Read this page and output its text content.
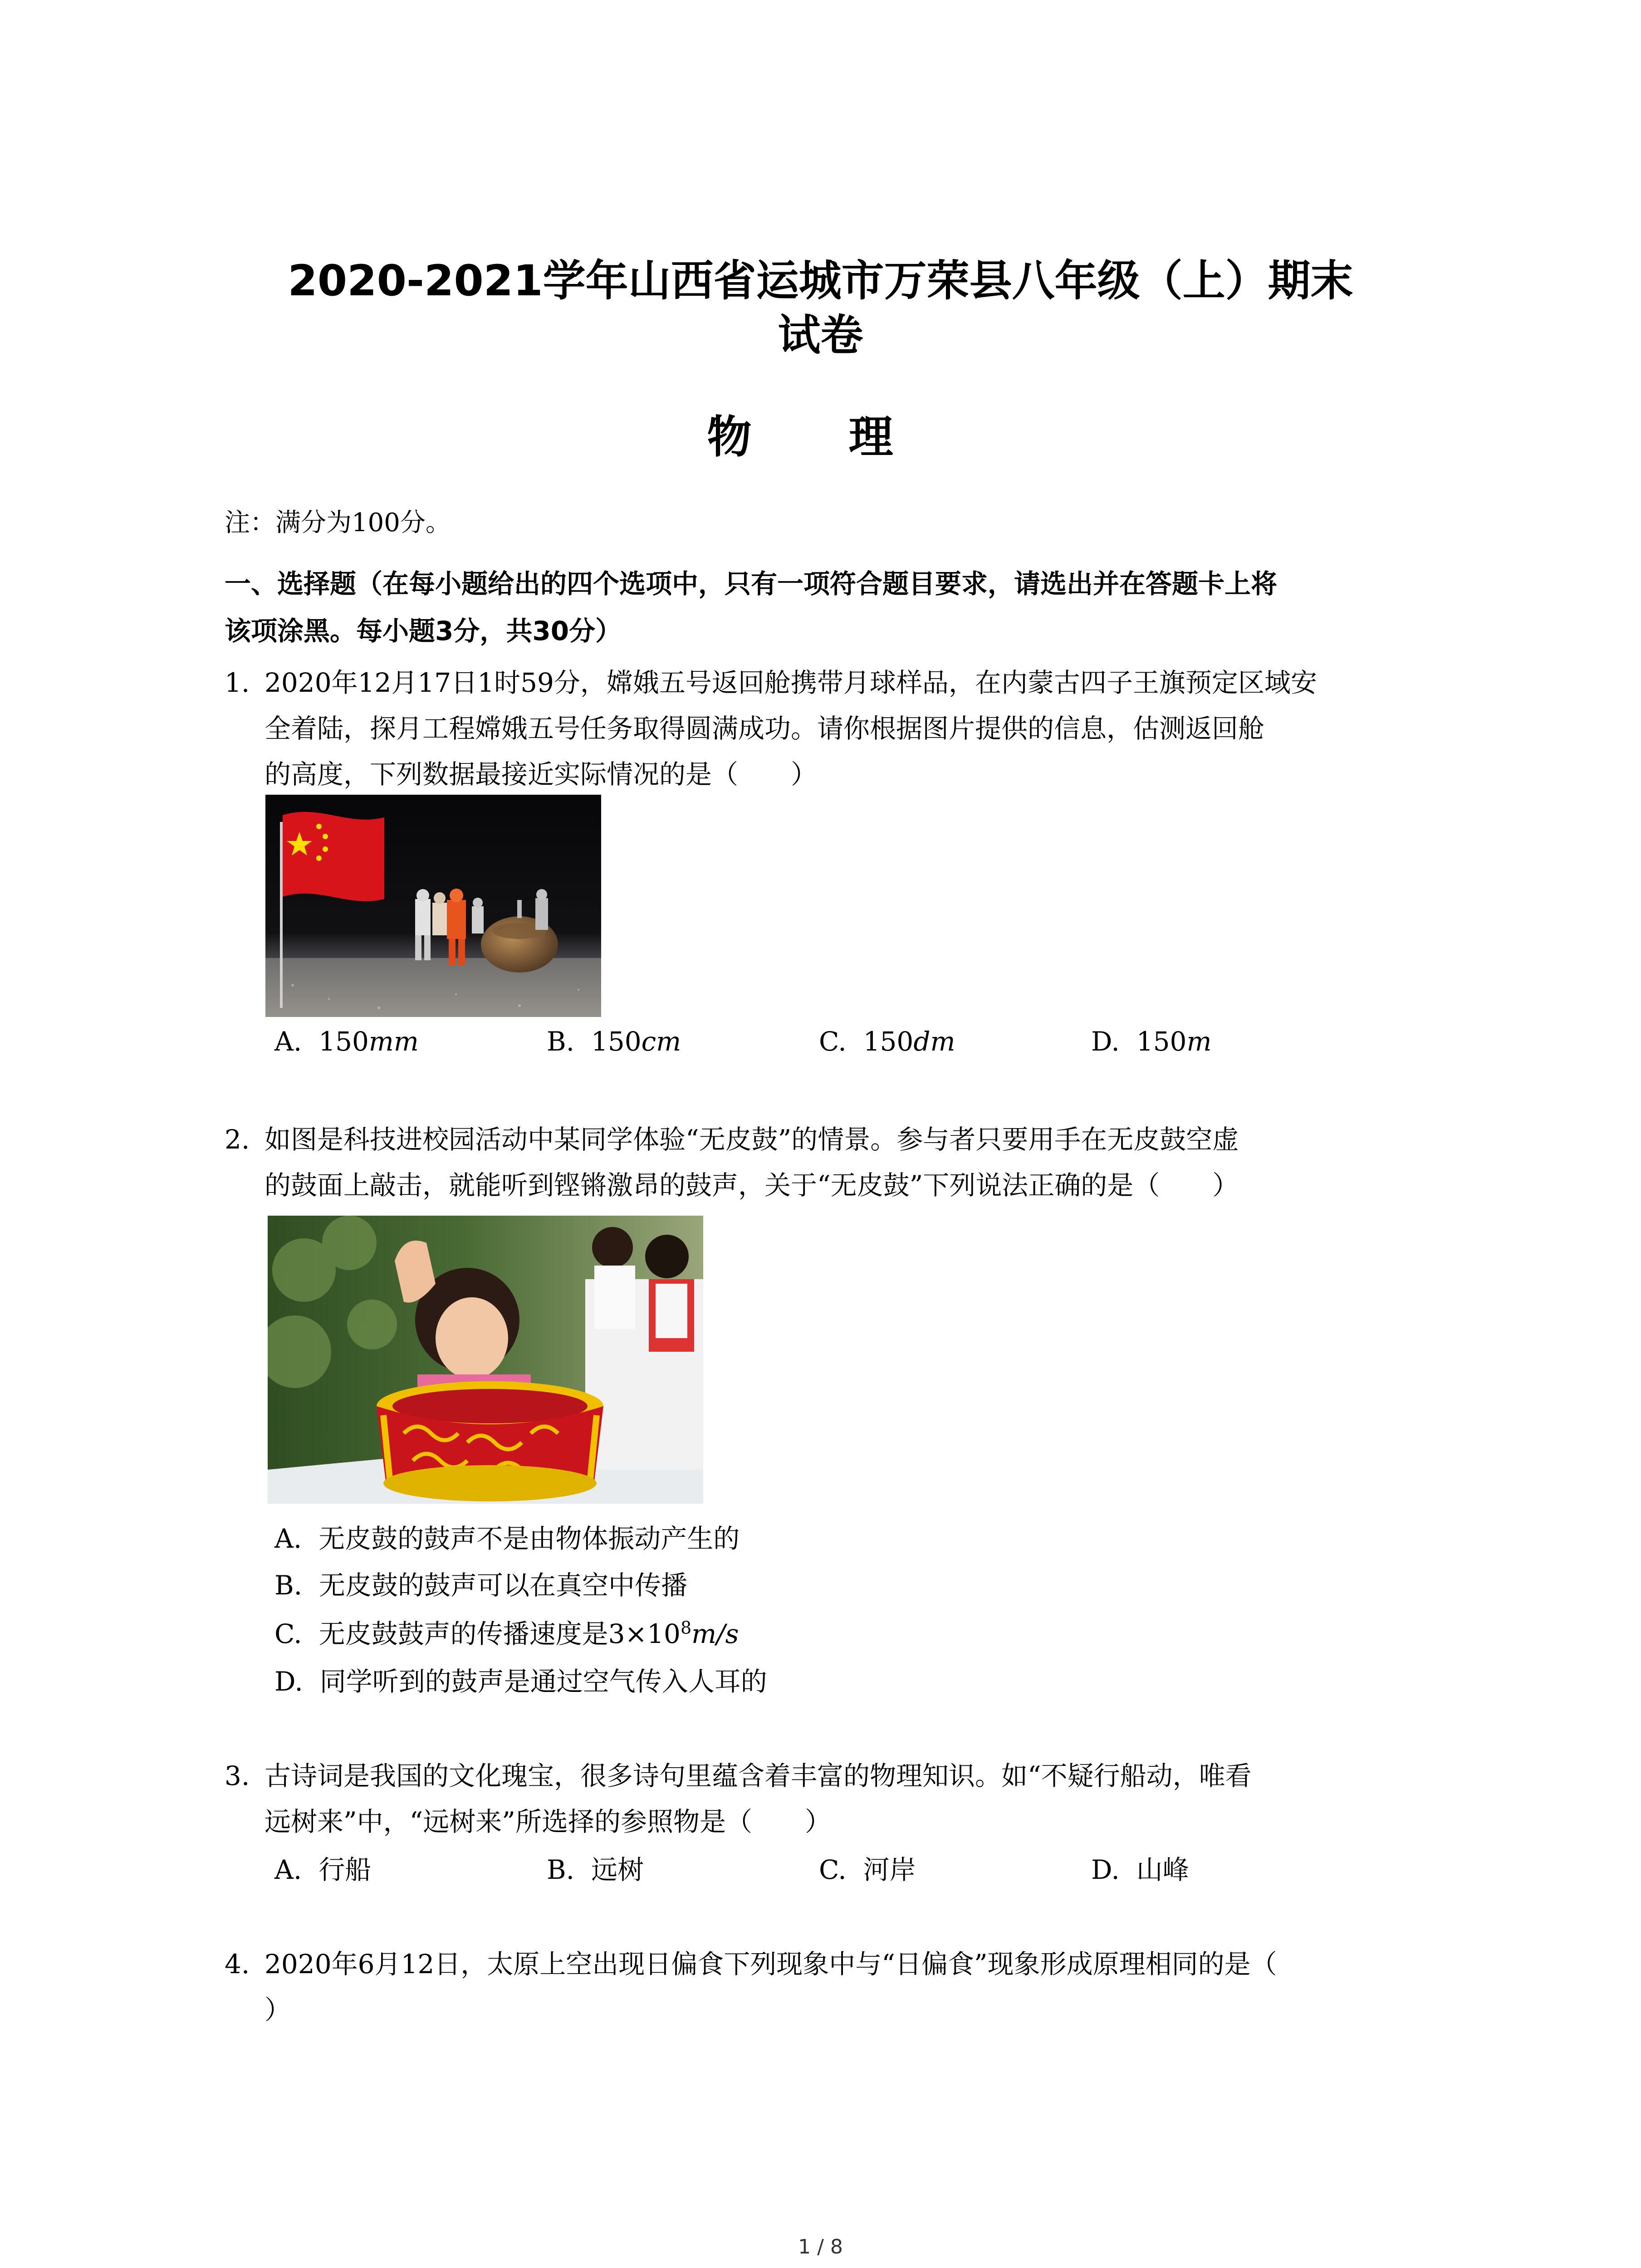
2020-2021学年山西省运城市万荣县八年级（上）期末
试卷
物 理
注：满分为100分。
一、选择题（在每小题给出的四个选项中，只有一项符合题目要求，请选出并在答题卡上将
该项涂黑。每小题3分，共30分）
1. 2020年12月17日1时59分，嫦娥五号返回舱携带月球样品，在内蒙古四子王旗预定区域安
全着陆，探月工程嫦娥五号任务取得圆满成功。请你根据图片提供的信息，估测返回舱
的高度，下列数据最接近实际情况的是（　　）
A. 150mm	B. 150cm	C. 150dm	D. 150m
2. 如图是科技进校园活动中某同学体验“无皮鼓”的情景。参与者只要用手在无皮鼓空虚
的鼓面上敲击，就能听到铿锵激昂的鼓声，关于“无皮鼓”下列说法正确的是（　　）
A. 无皮鼓的鼓声不是由物体振动产生的
B. 无皮鼓的鼓声可以在真空中传播
C. 无皮鼓鼓声的传播速度是$3\times 10^8m/s$
D. 同学听到的鼓声是通过空气传入人耳的
3. 古诗词是我国的文化瑰宝，很多诗句里蕴含着丰富的物理知识。如“不疑行船动，唯看
远树来”中，“远树来”所选择的参照物是（　　）
A. 行船	B. 远树	C. 河岸	D. 山峰
4. 2020年6月12日，太原上空出现日偏食下列现象中与“日偏食”现象形成原理相同的是（
）
1 / 8
